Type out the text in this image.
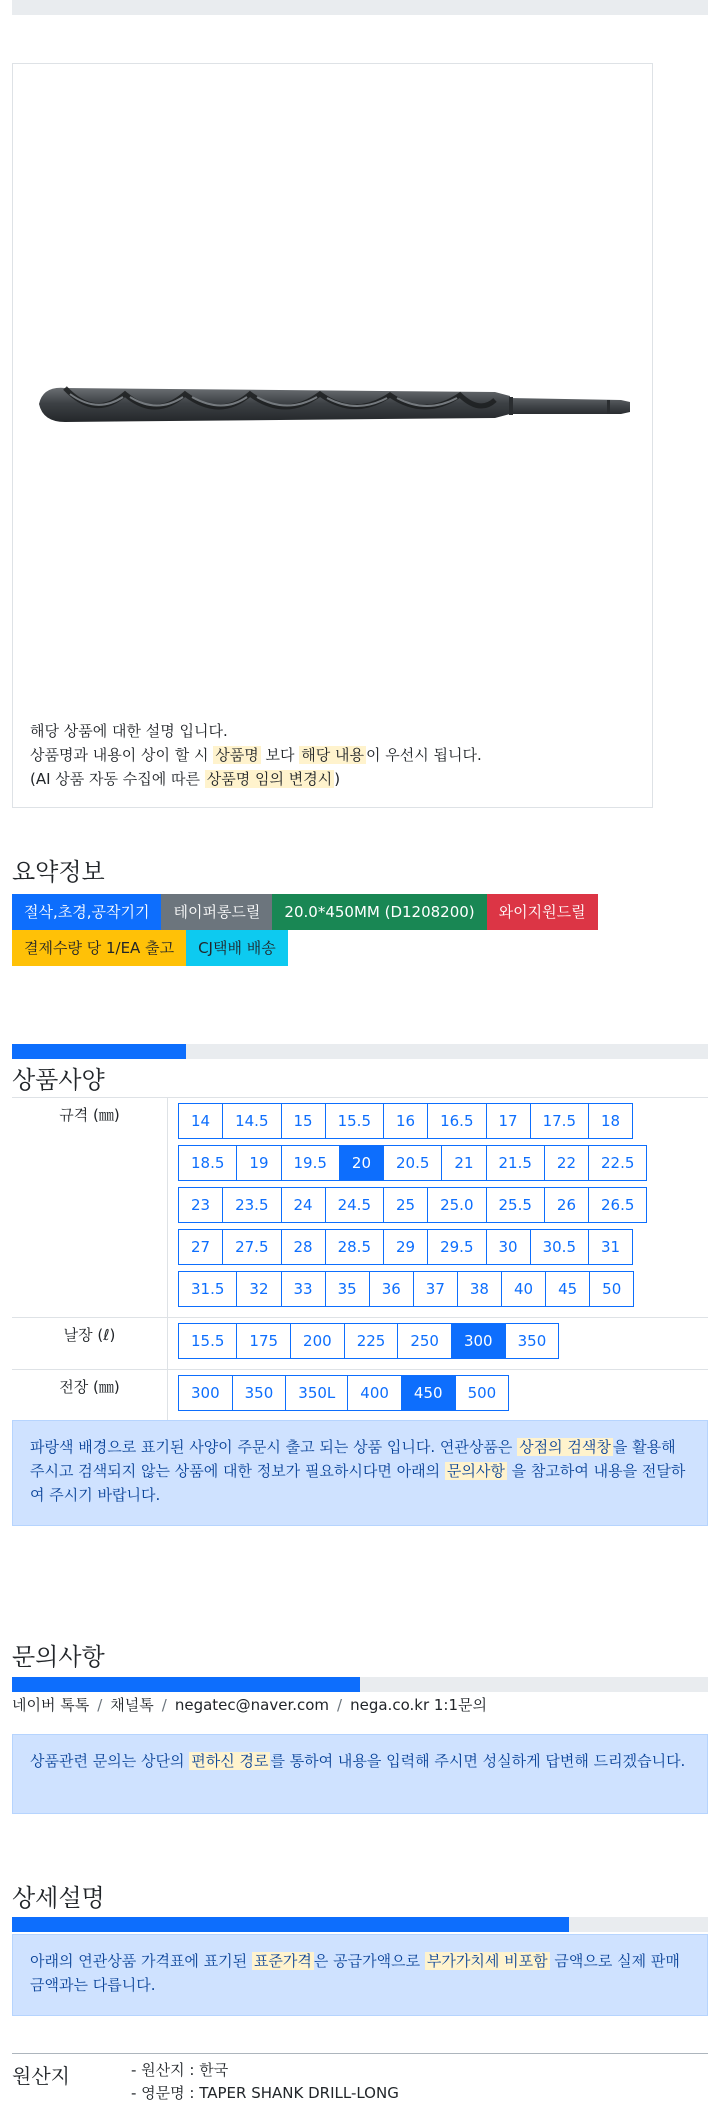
해당 상품에 대한 설명 입니다.
상품명과 내용이 상이 할 시 상품명 보다 해당 내용 이 우선시 됩니다.
(AI 상품 자동 수집에 따른 상품명 임의 변경시 )
요약정보
절삭,초경,공작기기 테이퍼롱드릴 20.0*450MM (D1208200) 와이지원드릴결제수량 당 1/EA 출고 CJ택배 배송
상품사양
규격 (㎜)	14	14.5	15	15.5	16	16.5	17	17.5	18
18.5	19	19.5	20	20.5	21	21.5	22	22.5
23	23.5	24	24.5	25	25.0	25.5	26	26.5
27	27.5	28	28.5	29	29.5	30	30.5	31
31.5	32	33	35	36	37	38	40	45	50
날장 (ℓ)	15.5	175	200	225	250	300	350
전장 (㎜)	300	350	350L	400	450	500
파랑색 배경으로 표기된 사양이 주문시 출고 되는 상품 입니다. 연관상품은 상점의 검색창 을 활용해 주시고 검색되지 않는 상품에 대한 정보가 필요하시다면 아래의 문의사항 을 참고하여 내용을 전달하여 주시기 바랍니다.
문의사항
네이버 톡톡 / 채널톡 / negatec@naver.com / nega.co.kr 1:1문의
상품관련 문의는 상단의 편하신 경로 를 통하여 내용을 입력해 주시면 성실하게 답변해 드리겠습니다.
상세설명
아래의 연관상품 가격표에 표기된 표준가격 은 공급가액으로 부가가치세 비포함 금액으로 실제 판매금액과는 다릅니다.
원산지	- 원산지 : 한국
- 영문명 : TAPER SHANK DRILL-LONG
